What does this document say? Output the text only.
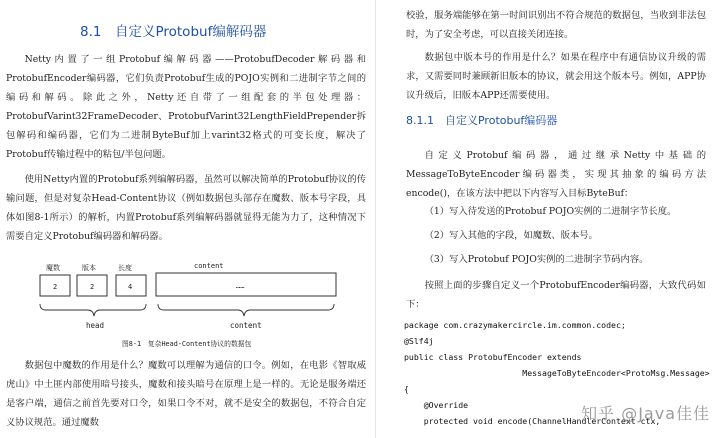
8.1　自定义Protobuf编解码器

Netty内置了一组Protobuf编解码器——ProtobufDecoder解码器和ProtobufEncoder编码器，它们负责Protobuf生成的POJO实例和二进制字节之间的编码和解码。除此之外，Netty还自带了一组配套的半包处理器：ProtobufVarint32FrameDecoder、ProtobufVarint32LengthFieldPrepender拆包解码和编码器，它们为二进制ByteBuf加上varint32格式的可变长度，解决了Protobuf传输过程中的粘包/半包问题。

使用Netty内置的Protobuf系列编解码器，虽然可以解决简单的Protobuf协议的传输问题，但是对复杂Head-Content协议（例如数据包头部存在魔数、版本号字段，具体如图8-1所示）的解析，内置Protobuf系列编解码器就显得无能为力了，这种情况下需要自定义Protobuf编码器和解码器。

魔数	版本	长度	content
2	2	4	……
head	content
图8-1　复杂Head-Content协议的数据包

数据包中魔数的作用是什么？魔数可以理解为通信的口令。例如，在电影《智取威虎山》中土匪内部使用暗号接头，魔数和接头暗号在原理上是一样的。无论是服务端还是客户端，通信之前首先要对口令，如果口令不对，就不是安全的数据包，不符合自定义协议规范。通过魔数

校验，服务端能够在第一时间识别出不符合规范的数据包，当收到非法包时，为了安全考虑，可以直接关闭连接。

数据包中版本号的作用是什么？如果在程序中有通信协议升级的需求，又需要同时兼顾新旧版本的协议，就会用这个版本号。例如，APP协议升级后，旧版本APP还需要使用。

8.1.1　自定义Protobuf编码器

自定义Protobuf编码器，通过继承Netty中基础的MessageToByteEncoder编码器类，实现其抽象的编码方法encode()，在该方法中把以下内容写入目标ByteBuf：

（1）写入待发送的Protobuf POJO实例的二进制字节长度。

（2）写入其他的字段，如魔数、版本号。

（3）写入Protobuf POJO实例的二进制字节码内容。

按照上面的步骤自定义一个ProtobufEncoder编码器，大致代码如下：

package com.crazymakercircle.im.common.codec;
@Slf4j
public class ProtobufEncoder extends
MessageToByteEncoder<ProtoMsg.Message>
{
@Override
protected void encode(ChannelHandlerContext ctx,
知乎 @Java佳佳
